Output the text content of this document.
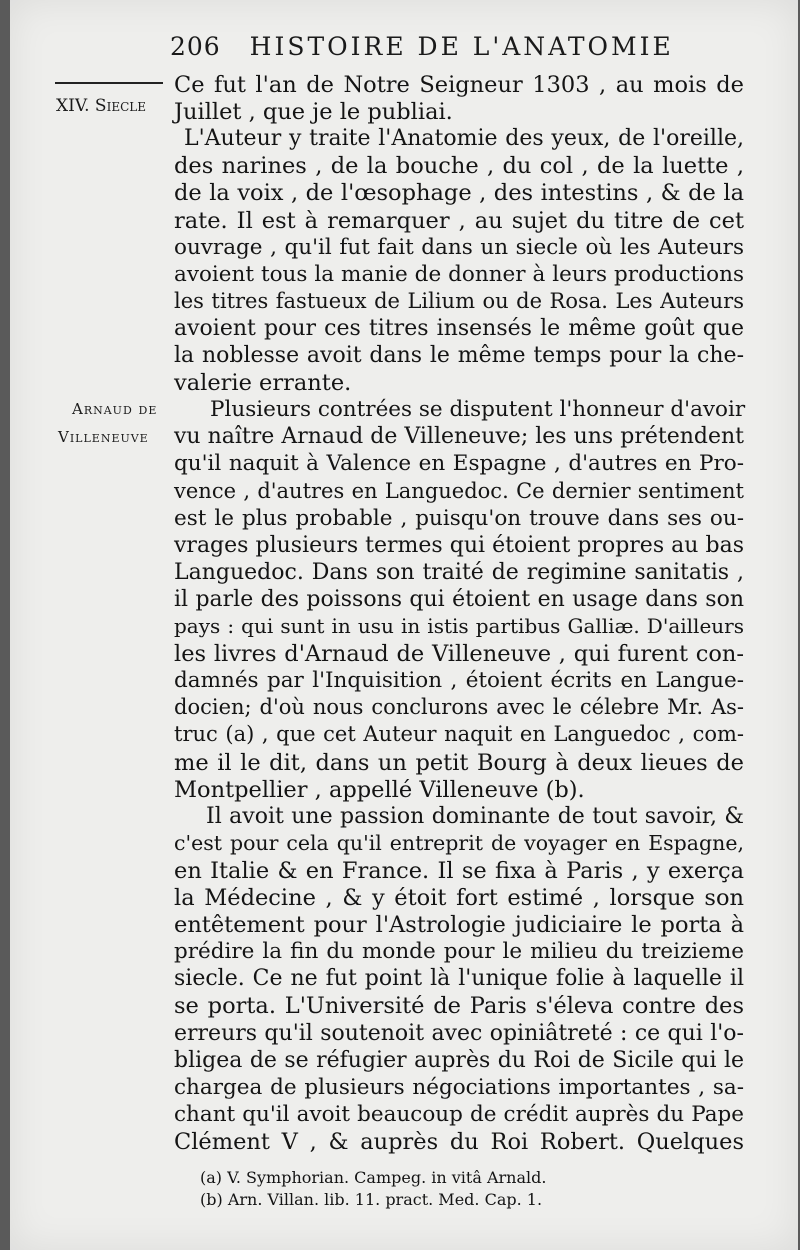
206 HISTOIRE DE L'ANATOMIE
XIV. Siecle
Arnaud de
Villeneuve
Ce fut l'an de Notre Seigneur 1303 , au mois de
Juillet , que je le publiai.
L'Auteur y traite l'Anatomie des yeux, de l'oreille,
des narines , de la bouche , du col , de la luette ,
de la voix , de l'œsophage , des intestins , & de la
rate. Il est à remarquer , au sujet du titre de cet
ouvrage , qu'il fut fait dans un siecle où les Auteurs
avoient tous la manie de donner à leurs productions
les titres fastueux de Lilium ou de Rosa. Les Auteurs
avoient pour ces titres insensés le même goût que
la noblesse avoit dans le même temps pour la che-
valerie errante.
Plusieurs contrées se disputent l'honneur d'avoir
vu naître Arnaud de Villeneuve; les uns prétendent
qu'il naquit à Valence en Espagne , d'autres en Pro-
vence , d'autres en Languedoc. Ce dernier sentiment
est le plus probable , puisqu'on trouve dans ses ou-
vrages plusieurs termes qui étoient propres au bas
Languedoc. Dans son traité de regimine sanitatis ,
il parle des poissons qui étoient en usage dans son
pays : qui sunt in usu in istis partibus Galliæ. D'ailleurs
les livres d'Arnaud de Villeneuve , qui furent con-
damnés par l'Inquisition , étoient écrits en Langue-
docien; d'où nous conclurons avec le célebre Mr. As-
truc (a) , que cet Auteur naquit en Languedoc , com-
me il le dit, dans un petit Bourg à deux lieues de
Montpellier , appellé Villeneuve (b).
Il avoit une passion dominante de tout savoir, &
c'est pour cela qu'il entreprit de voyager en Espagne,
en Italie & en France. Il se fixa à Paris , y exerça
la Médecine , & y étoit fort estimé , lorsque son
entêtement pour l'Astrologie judiciaire le porta à
prédire la fin du monde pour le milieu du treizieme
siecle. Ce ne fut point là l'unique folie à laquelle il
se porta. L'Université de Paris s'éleva contre des
erreurs qu'il soutenoit avec opiniâtreté : ce qui l'o-
bligea de se réfugier auprès du Roi de Sicile qui le
chargea de plusieurs négociations importantes , sa-
chant qu'il avoit beaucoup de crédit auprès du Pape
Clément V , & auprès du Roi Robert. Quelques
(a) V. Symphorian. Campeg. in vitâ Arnald.
(b) Arn. Villan. lib. 11. pract. Med. Cap. 1.
